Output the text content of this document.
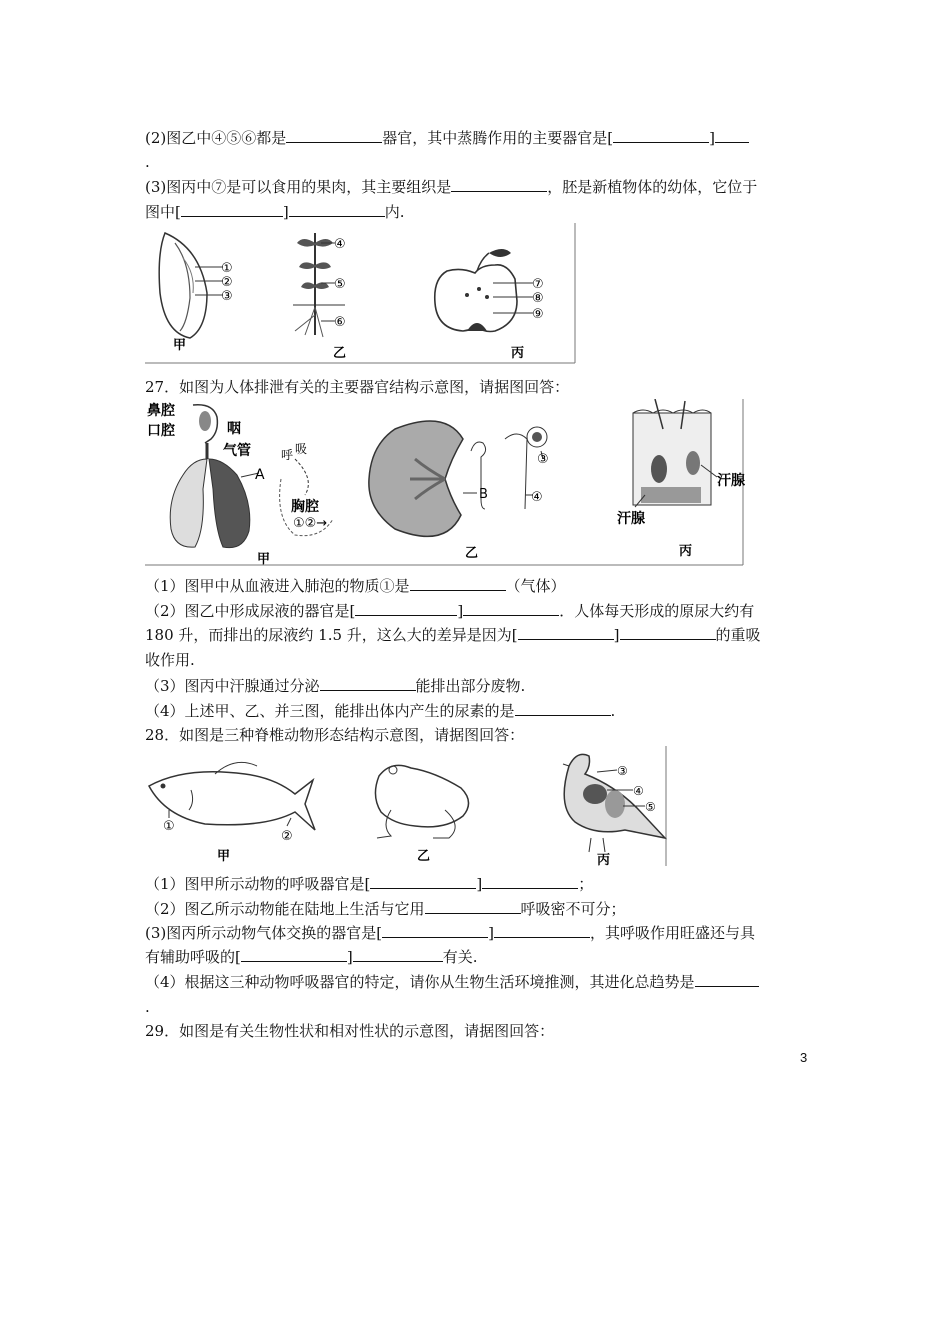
(2)图乙中④⑤⑥都是	器官，其中蒸腾作用的主要器官是[	]
.
(3)图丙中⑦是可以食用的果肉，其主要组织是	，胚是新植物体的幼体，它位于
图中[	]	内.
①
②
③
甲
④
⑤
⑥
乙
⑦
⑧
⑨
丙
27．如图为人体排泄有关的主要器官结构示意图，请据图回答：
鼻腔
口腔	咽
气管
A
呼 吸
胸腔
①②→
甲
B
③
④
乙
汗腺
汗腺
丙
（1）图甲中从血液进入肺泡的物质①是	（气体）
（2）图乙中形成尿液的器官是[	]	．人体每天形成的原尿大约有
180 升，而排出的尿液约 1.5 升，这么大的差异是因为[	]	的重吸
收作用.
（3）图丙中汗腺通过分泌	能排出部分废物.
（4）上述甲、乙、并三图，能排出体内产生的尿素的是	.
28．如图是三种脊椎动物形态结构示意图，请据图回答：
①
②
甲	乙
③
④
⑤
丙
（1）图甲所示动物的呼吸器官是[	]	；
（2）图乙所示动物能在陆地上生活与它用	呼吸密不可分；
(3)图丙所示动物气体交换的器官是[	]	，其呼吸作用旺盛还与具
有辅助呼吸的[	]	有关.
（4）根据这三种动物呼吸器官的特定，请你从生物生活环境推测，其进化总趋势是
.
29．如图是有关生物性状和相对性状的示意图，请据图回答：
3
